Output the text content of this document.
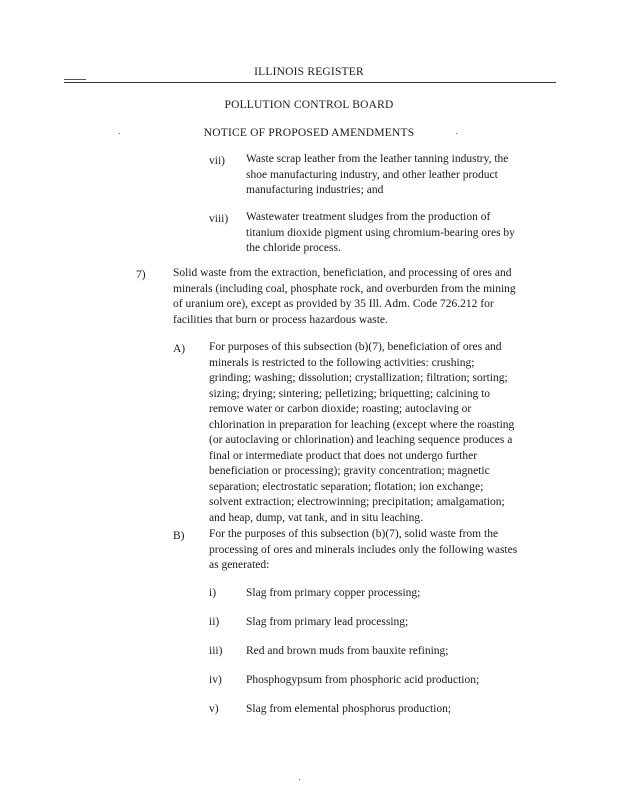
ILLINOIS REGISTER
POLLUTION CONTROL BOARD
NOTICE OF PROPOSED AMENDMENTS
vii) Waste scrap leather from the leather tanning industry, the
shoe manufacturing industry, and other leather product
manufacturing industries; and
viii) Wastewater treatment sludges from the production of
titanium dioxide pigment using chromium-bearing ores by
the chloride process.
7) Solid waste from the extraction, beneficiation, and processing of ores and
minerals (including coal, phosphate rock, and overburden from the mining
of uranium ore), except as provided by 35 Ill. Adm. Code 726.212 for
facilities that burn or process hazardous waste.
A) For purposes of this subsection (b)(7), beneficiation of ores and
minerals is restricted to the following activities: crushing;
grinding; washing; dissolution; crystallization; filtration; sorting;
sizing; drying; sintering; pelletizing; briquetting; calcining to
remove water or carbon dioxide; roasting; autoclaving or
chlorination in preparation for leaching (except where the roasting
(or autoclaving or chlorination) and leaching sequence produces a
final or intermediate product that does not undergo further
beneficiation or processing); gravity concentration; magnetic
separation; electrostatic separation; flotation; ion exchange;
solvent extraction; electrowinning; precipitation; amalgamation;
and heap, dump, vat tank, and in situ leaching.
B) For the purposes of this subsection (b)(7), solid waste from the
processing of ores and minerals includes only the following wastes
as generated:
i)	Slag from primary copper processing;
ii) Slag from primary lead processing;
iii) Red and brown muds from bauxite refining;
iv) Phosphogypsum from phosphoric acid production;
v) Slag from elemental phosphorus production;
